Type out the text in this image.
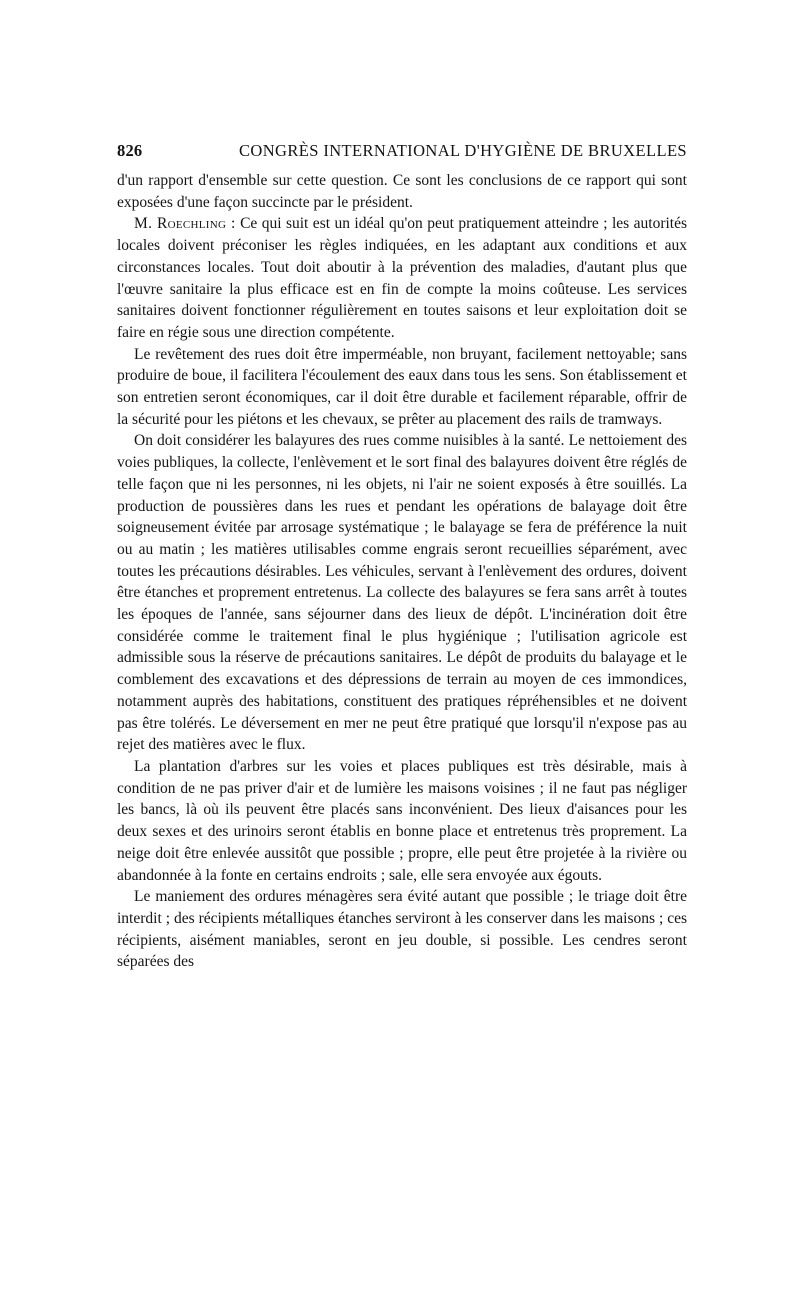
826	CONGRÈS INTERNATIONAL D'HYGIÈNE DE BRUXELLES

d'un rapport d'ensemble sur cette question. Ce sont les conclusions de ce rapport qui sont exposées d'une façon succincte par le président.

M. Roechling : Ce qui suit est un idéal qu'on peut pratiquement atteindre ; les autorités locales doivent préconiser les règles indiquées, en les adaptant aux conditions et aux circonstances locales. Tout doit aboutir à la prévention des maladies, d'autant plus que l'œuvre sanitaire la plus efficace est en fin de compte la moins coûteuse. Les services sanitaires doivent fonctionner régulièrement en toutes saisons et leur exploitation doit se faire en régie sous une direction compétente.

Le revêtement des rues doit être imperméable, non bruyant, facilement nettoyable; sans produire de boue, il facilitera l'écoulement des eaux dans tous les sens. Son établissement et son entretien seront économiques, car il doit être durable et facilement réparable, offrir de la sécurité pour les piétons et les chevaux, se prêter au placement des rails de tramways.

On doit considérer les balayures des rues comme nuisibles à la santé. Le nettoiement des voies publiques, la collecte, l'enlèvement et le sort final des balayures doivent être réglés de telle façon que ni les personnes, ni les objets, ni l'air ne soient exposés à être souillés. La production de poussières dans les rues et pendant les opérations de balayage doit être soigneusement évitée par arrosage systématique ; le balayage se fera de préférence la nuit ou au matin ; les matières utilisables comme engrais seront recueillies séparément, avec toutes les précautions désirables. Les véhicules, servant à l'enlèvement des ordures, doivent être étanches et proprement entretenus. La collecte des balayures se fera sans arrêt à toutes les époques de l'année, sans séjourner dans des lieux de dépôt. L'incinération doit être considérée comme le traitement final le plus hygiénique ; l'utilisation agricole est admissible sous la réserve de précautions sanitaires. Le dépôt de produits du balayage et le comblement des excavations et des dépressions de terrain au moyen de ces immondices, notamment auprès des habitations, constituent des pratiques répréhensibles et ne doivent pas être tolérés. Le déversement en mer ne peut être pratiqué que lorsqu'il n'expose pas au rejet des matières avec le flux.

La plantation d'arbres sur les voies et places publiques est très désirable, mais à condition de ne pas priver d'air et de lumière les maisons voisines ; il ne faut pas négliger les bancs, là où ils peuvent être placés sans inconvénient. Des lieux d'aisances pour les deux sexes et des urinoirs seront établis en bonne place et entretenus très proprement. La neige doit être enlevée aussitôt que possible ; propre, elle peut être projetée à la rivière ou abandonnée à la fonte en certains endroits ; sale, elle sera envoyée aux égouts.

Le maniement des ordures ménagères sera évité autant que possible ; le triage doit être interdit ; des récipients métalliques étanches serviront à les conserver dans les maisons ; ces récipients, aisément maniables, seront en jeu double, si possible. Les cendres seront séparées des
